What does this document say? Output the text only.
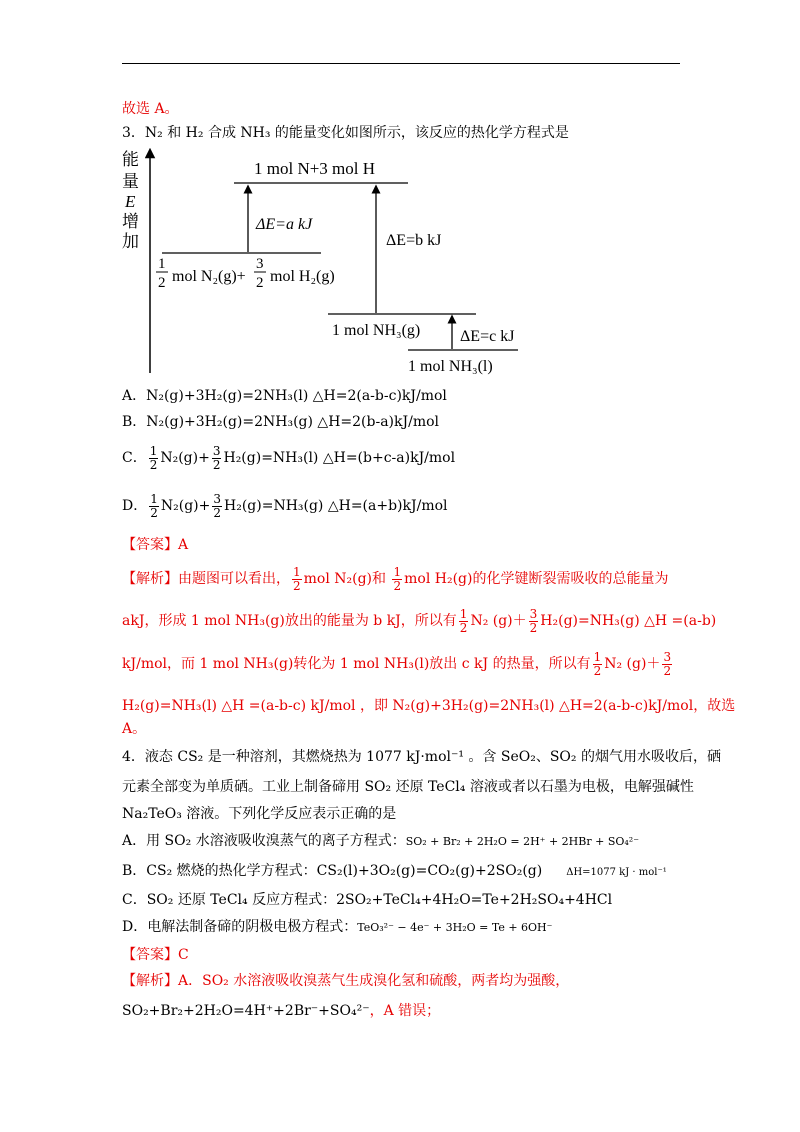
故选 A。
3．N₂ 和 H₂ 合成 NH₃ 的能量变化如图所示，该反应的热化学方程式是
能
量
E
增
加
1 mol N+3 mol H
1
2 mol N₂(g)+
3
2 mol H₂(g)
ΔE=a kJ
ΔE=b kJ
1 mol NH₃(g) ΔE=c kJ
1 mol NH₃(l)
A．N₂(g)+3H₂(g)=2NH₃(l) △H=2(a-b-c)kJ/mol
B．N₂(g)+3H₂(g)=2NH₃(g) △H=2(b-a)kJ/mol
C． $\frac{1}{2} N_2(g)+ \frac{3}{2} H_2(g)=NH_3(l)$ △H=(b+c-a)kJ/mol
D． $\frac{1}{2} N_2(g)+ \frac{3}{2} H_2(g)=NH_3(g)$ △H=(a+b)kJ/mol
【答案】A
【解析】由题图可以看出， $\frac{1}{2}$ mol N₂(g)和 $\frac{1}{2}$ mol H₂(g)的化学键断裂需吸收的总能量为
akJ，形成 1 mol NH₃(g)放出的能量为 b kJ，所以有 $\frac{1}{2} N_2$ $(g)+ \frac{3}{2} H_2(g)=NH_3(g)$ △H =(a-b)
kJ/mol，而 1 mol NH₃(g)转化为 1 mol NH₃(l)放出 c kJ 的热量，所以有 $\frac{1}{2} N_2$ $(g)+ \frac{3}{2}$
H₂(g)=NH₃(l) △H =(a-b-c) kJ/mol ，即 N₂(g)+3H₂(g)=2NH₃(l) △H=2(a-b-c)kJ/mol，故选
A。
4．液态 CS₂ 是一种溶剂，其燃烧热为 1077 kJ·mol⁻¹ 。含 SeO₂、SO₂ 的烟气用水吸收后，硒
元素全部变为单质硒。工业上制备碲用 SO₂ 还原 TeCl₄ 溶液或者以石墨为电极，电解强碱性
Na₂TeO₃ 溶液。下列化学反应表示正确的是
A．用 SO₂ 水溶液吸收溴蒸气的离子方程式：SO₂ + Br₂ + 2H₂O = 2H⁺ + 2HBr + SO₄²⁻
B．CS₂ 燃烧的热化学方程式：CS₂(l)+3O₂(g)=CO₂(g)+2SO₂(g) ΔH=1077 kJ · mol⁻¹
C．SO₂ 还原 TeCl₄ 反应方程式：2SO₂+TeCl₄+4H₂O=Te+2H₂SO₄+4HCl
D．电解法制备碲的阴极电极方程式：TeO₃²⁻ − 4e⁻ + 3H₂O = Te + 6OH⁻
【答案】C
【解析】A．SO₂ 水溶液吸收溴蒸气生成溴化氢和硫酸，两者均为强酸，
SO₂+Br₂+2H₂O=4H⁺+2Br⁻+SO₄²⁻，A 错误；
